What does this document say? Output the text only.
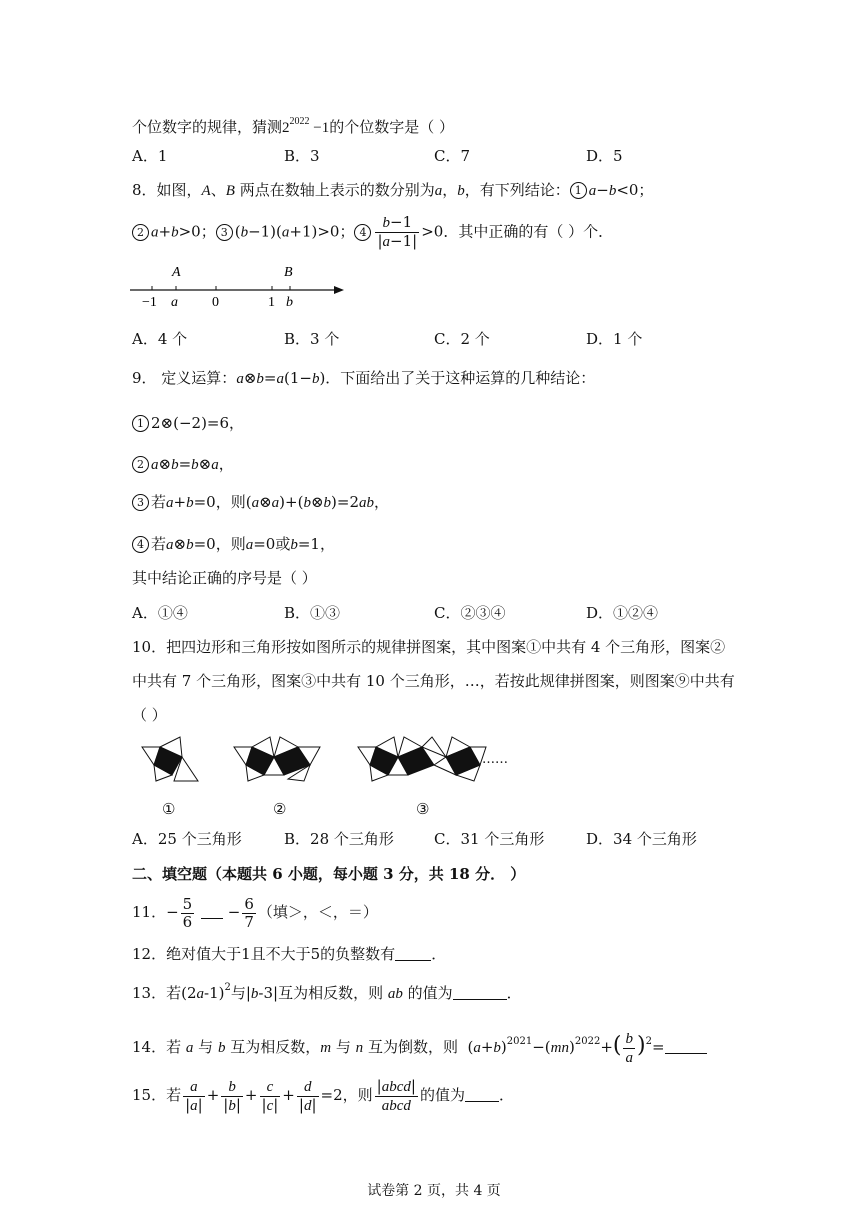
个位数字的规律，猜测$2^{2022} -1$的个位数字是（ ）
A．1	B．3	C．7	D．5
8．如图，A、B 两点在数轴上表示的数分别为a，b，有下列结论： 1 a−b<0；
2 a+b>0； 3 (b−1)(a+1)>0； $4 \frac{b-1}{|a-1|} >0$．其中正确的有（ ）个．
A	B
−1 a 0	1 b
A．4 个	B．3 个	C．2 个	D．1 个
9． 定义运算：a⊗b=a(1−b)．下面给出了关于这种运算的几种结论：
1 2⊗(−2)=6，
2 a⊗b=b⊗a，
3 若a+b=0，则(a⊗a)+(b⊗b)=2ab，
4 若a⊗b=0，则a=0或b=1，
其中结论正确的序号是（ ）
A．①④	B．①③	C．②③④	D．①②④
10．把四边形和三角形按如图所示的规律拼图案，其中图案①中共有 4 个三角形，图案②
中共有 7 个三角形，图案③中共有 10 个三角形，…，若按此规律拼图案，则图案⑨中共有
（ ）
……
①	②	③
A．25 个三角形	B．28 个三角形	C．31 个三角形	D．34 个三角形
二、填空题（本题共 6 小题，每小题 3 分，共 18 分． ）
11．− $\frac{5}{6} - \frac{6}{7}$ （填＞，＜，＝）
12．绝对值大于1且不大于5的负整数有 ．
13．若$(2a-1)^2$与|b-3|互为相反数，则 ab 的值为	．
14．若 a 与 b 互为相反数，m 与 n 互为倒数，则  $(a+b)^{2021}-(mn)^{2022}+( \frac{b}{a} )^2=$
15．若 $\frac{a}{|a|} + \frac{b}{|b|} + \frac{c}{|c|} + \frac{d}{|d|} =2$，则 $\frac{\text{|abcd|}}{\text{abcd}}$ 的值为 ．
试卷第 2 页，共 4 页
